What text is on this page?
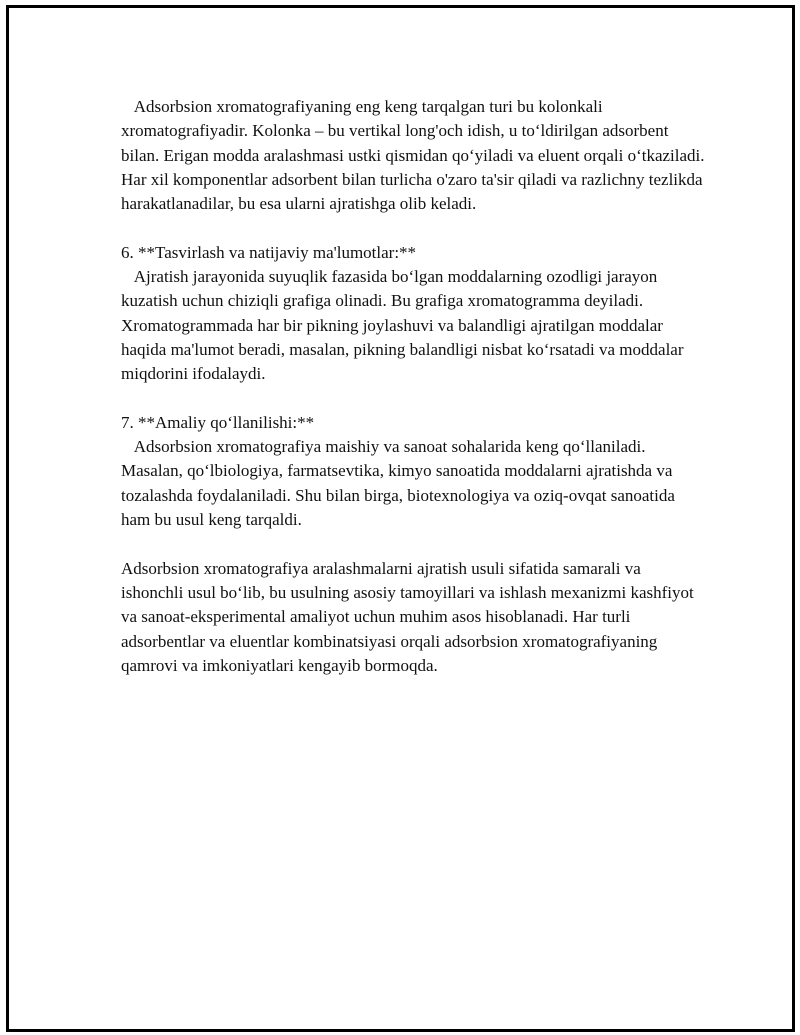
Adsorbsion xromatografiyaning eng keng tarqalgan turi bu kolonkali xromatografiyadir. Kolonka – bu vertikal long'och idish, u to‘ldirilgan adsorbent bilan. Erigan modda aralashmasi ustki qismidan qo‘yiladi va eluent orqali o‘tkaziladi. Har xil komponentlar adsorbent bilan turlicha o'zaro ta'sir qiladi va razlichny tezlikda harakatlanadilar, bu esa ularni ajratishga olib keladi.

6. **Tasvirlash va natijaviy ma'lumotlar:**

Ajratish jarayonida suyuqlik fazasida bo‘lgan moddalarning ozodligi jarayon kuzatish uchun chiziqli grafiga olinadi. Bu grafiga xromatogramma deyiladi. Xromatogrammada har bir pikning joylashuvi va balandligi ajratilgan moddalar haqida ma'lumot beradi, masalan, pikning balandligi nisbat ko‘rsatadi va moddalar miqdorini ifodalaydi.

7. **Amaliy qo‘llanilishi:**

Adsorbsion xromatografiya maishiy va sanoat sohalarida keng qo‘llaniladi. Masalan, qo‘lbiologiya, farmatsevtika, kimyo sanoatida moddalarni ajratishda va tozalashda foydalaniladi. Shu bilan birga, biotexnologiya va oziq-ovqat sanoatida ham bu usul keng tarqaldi.

Adsorbsion xromatografiya aralashmalarni ajratish usuli sifatida samarali va ishonchli usul bo‘lib, bu usulning asosiy tamoyillari va ishlash mexanizmi kashfiyot va sanoat-eksperimental amaliyot uchun muhim asos hisoblanadi. Har turli adsorbentlar va eluentlar kombinatsiyasi orqali adsorbsion xromatografiyaning qamrovi va imkoniyatlari kengayib bormoqda.
